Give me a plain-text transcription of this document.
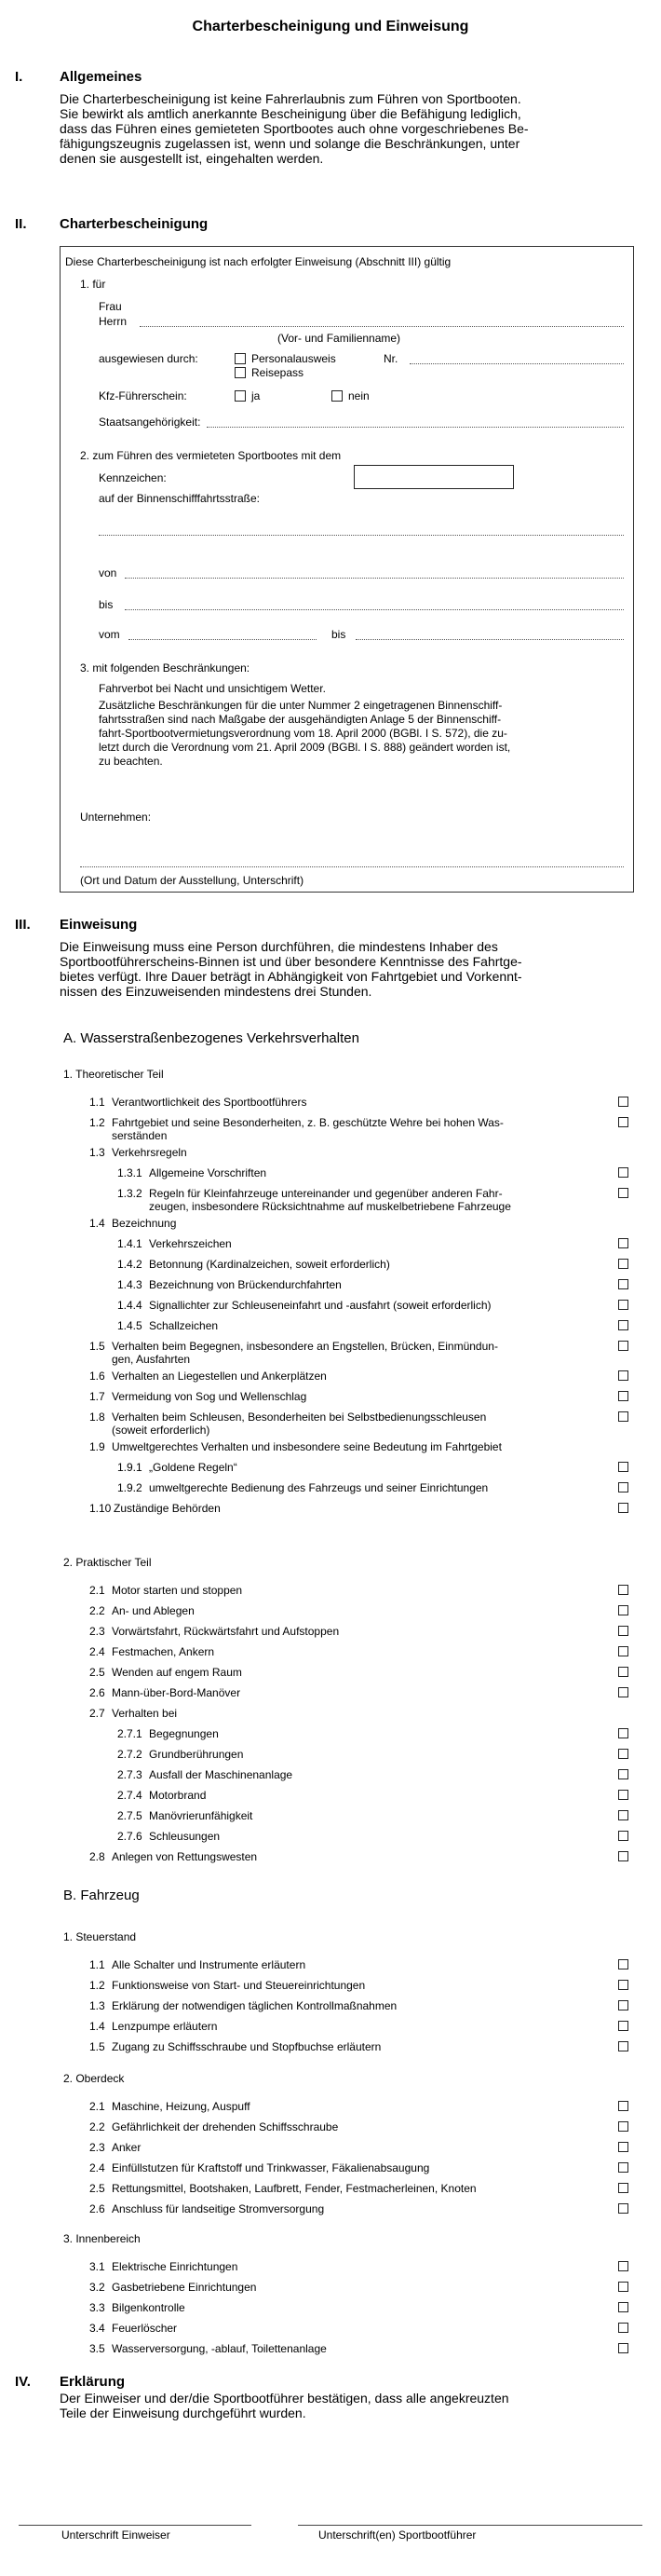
Charterbescheinigung und Einweisung
I.	Allgemeines
Die Charterbescheinigung ist keine Fahrerlaubnis zum Führen von Sportbooten.
Sie bewirkt als amtlich anerkannte Bescheinigung über die Befähigung lediglich,
dass das Führen eines gemieteten Sportbootes auch ohne vorgeschriebenes Be-
fähigungszeugnis zugelassen ist, wenn und solange die Beschränkungen, unter
denen sie ausgestellt ist, eingehalten werden.
II.	Charterbescheinigung
Diese Charterbescheinigung ist nach erfolgter Einweisung (Abschnitt III) gültig
1. für
Frau
Herrn
(Vor- und Familienname)
ausgewiesen durch:	Personalausweis	Nr.
Reisepass
Kfz-Führerschein:	ja	nein
Staatsangehörigkeit:
2. zum Führen des vermieteten Sportbootes mit dem
Kennzeichen:
auf der Binnenschifffahrtsstraße:
von
bis
vom	bis
3. mit folgenden Beschränkungen:
Fahrverbot bei Nacht und unsichtigem Wetter.
Zusätzliche Beschränkungen für die unter Nummer 2 eingetragenen Binnenschiff-
fahrtsstraßen sind nach Maßgabe der ausgehändigten Anlage 5 der Binnenschiff-
fahrt-Sportbootvermietungsverordnung vom 18. April 2000 (BGBl. I S. 572), die zu-
letzt durch die Verordnung vom 21. April 2009 (BGBl. I S. 888) geändert worden ist,
zu beachten.
Unternehmen:
(Ort und Datum der Ausstellung, Unterschrift)
III.	Einweisung
Die Einweisung muss eine Person durchführen, die mindestens Inhaber des
Sportbootführerscheins-Binnen ist und über besondere Kenntnisse des Fahrtge-
bietes verfügt. Ihre Dauer beträgt in Abhängigkeit von Fahrtgebiet und Vorkennt-
nissen des Einzuweisenden mindestens drei Stunden.
A. Wasserstraßenbezogenes Verkehrsverhalten
1. Theoretischer Teil
2. Praktischer Teil
B. Fahrzeug
1. Steuerstand
2. Oberdeck
3. Innenbereich
1.1 Verantwortlichkeit des Sportbootführers
1.2 Fahrtgebiet und seine Besonderheiten, z. B. geschützte Wehre bei hohen Was-
serständen
1.3 Verkehrsregeln
1.3.1 Allgemeine Vorschriften
1.3.2 Regeln für Kleinfahrzeuge untereinander und gegenüber anderen Fahr-
zeugen, insbesondere Rücksichtnahme auf muskelbetriebene Fahrzeuge
1.4 Bezeichnung
1.4.1 Verkehrszeichen
1.4.2 Betonnung (Kardinalzeichen, soweit erforderlich)
1.4.3 Bezeichnung von Brückendurchfahrten
1.4.4 Signallichter zur Schleuseneinfahrt und -ausfahrt (soweit erforderlich)
1.4.5 Schallzeichen
1.5 Verhalten beim Begegnen, insbesondere an Engstellen, Brücken, Einmündun-
gen, Ausfahrten
1.6 Verhalten an Liegestellen und Ankerplätzen
1.7 Vermeidung von Sog und Wellenschlag
1.8 Verhalten beim Schleusen, Besonderheiten bei Selbstbedienungsschleusen
(soweit erforderlich)
1.9 Umweltgerechtes Verhalten und insbesondere seine Bedeutung im Fahrtgebiet
1.9.1 „Goldene Regeln“
1.9.2 umweltgerechte Bedienung des Fahrzeugs und seiner Einrichtungen
1.10 Zuständige Behörden
2.1 Motor starten und stoppen
2.2 An- und Ablegen
2.3 Vorwärtsfahrt, Rückwärtsfahrt und Aufstoppen
2.4 Festmachen, Ankern
2.5 Wenden auf engem Raum
2.6 Mann-über-Bord-Manöver
2.7 Verhalten bei
2.7.1 Begegnungen
2.7.2 Grundberührungen
2.7.3 Ausfall der Maschinenanlage
2.7.4 Motorbrand
2.7.5 Manövrierunfähigkeit
2.7.6 Schleusungen
2.8 Anlegen von Rettungswesten
1.1 Alle Schalter und Instrumente erläutern
1.2 Funktionsweise von Start- und Steuereinrichtungen
1.3 Erklärung der notwendigen täglichen Kontrollmaßnahmen
1.4 Lenzpumpe erläutern
1.5 Zugang zu Schiffsschraube und Stopfbuchse erläutern
2.1 Maschine, Heizung, Auspuff
2.2 Gefährlichkeit der drehenden Schiffsschraube
2.3 Anker
2.4 Einfüllstutzen für Kraftstoff und Trinkwasser, Fäkalienabsaugung
2.5 Rettungsmittel, Bootshaken, Laufbrett, Fender, Festmacherleinen, Knoten
2.6 Anschluss für landseitige Stromversorgung
3.1 Elektrische Einrichtungen
3.2 Gasbetriebene Einrichtungen
3.3 Bilgenkontrolle
3.4 Feuerlöscher
3.5 Wasserversorgung, -ablauf, Toilettenanlage
IV.	Erklärung
Der Einweiser und der/die Sportbootführer bestätigen, dass alle angekreuzten
Teile der Einweisung durchgeführt wurden.
Unterschrift Einweiser	Unterschrift(en) Sportbootführer
